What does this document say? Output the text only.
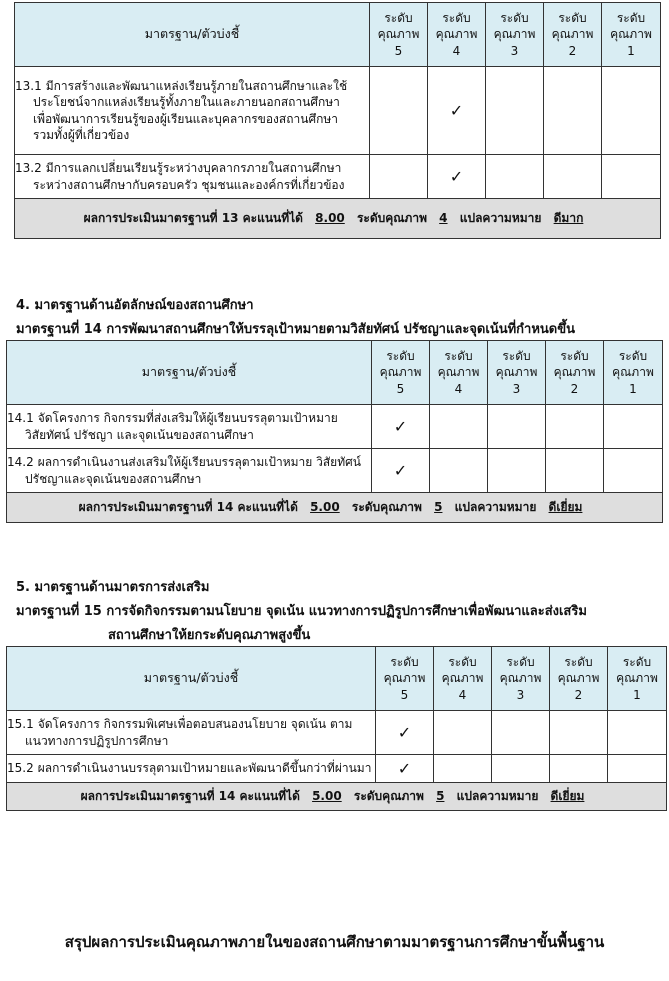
มาตรฐาน/ตัวบ่งชี้	ระดับ
คุณภาพ
5	ระดับ
คุณภาพ
4	ระดับ
คุณภาพ
3	ระดับ
คุณภาพ
2	ระดับ
คุณภาพ
1

13.1 มีการสร้างและพัฒนาแหล่งเรียนรู้ภายในสถานศึกษาและใช้
ประโยชน์จากแหล่งเรียนรู้ทั้งภายในและภายนอกสถานศึกษา
เพื่อพัฒนาการเรียนรู้ของผู้เรียนและบุคลากรของสถานศึกษา
รวมทั้งผู้ที่เกี่ยวข้อง		✓			

13.2 มีการแลกเปลี่ยนเรียนรู้ระหว่างบุคลากรภายในสถานศึกษา
ระหว่างสถานศึกษากับครอบครัว ชุมชนและองค์กรที่เกี่ยวข้อง		✓			
ผลการประเมินมาตรฐานที่ 13 คะแนนที่ได้ 8.00 ระดับคุณภาพ 4 แปลความหมาย ดีมาก					
4. มาตรฐานด้านอัตลักษณ์ของสถานศึกษา
มาตรฐานที่ 14 การพัฒนาสถานศึกษาให้บรรลุเป้าหมายตามวิสัยทัศน์ ปรัชญาและจุดเน้นที่กำหนดขึ้น
มาตรฐาน/ตัวบ่งชี้	ระดับ
คุณภาพ
5	ระดับ
คุณภาพ
4	ระดับ
คุณภาพ
3	ระดับ
คุณภาพ
2	ระดับ
คุณภาพ
1

14.1 จัดโครงการ กิจกรรมที่ส่งเสริมให้ผู้เรียนบรรลุตามเป้าหมาย
วิสัยทัศน์ ปรัชญา และจุดเน้นของสถานศึกษา	✓				

14.2 ผลการดำเนินงานส่งเสริมให้ผู้เรียนบรรลุตามเป้าหมาย วิสัยทัศน์
ปรัชญาและจุดเน้นของสถานศึกษา	✓				
ผลการประเมินมาตรฐานที่ 14 คะแนนที่ได้ 5.00 ระดับคุณภาพ 5 แปลความหมาย ดีเยี่ยม					
5. มาตรฐานด้านมาตรการส่งเสริม
มาตรฐานที่ 15 การจัดกิจกรรมตามนโยบาย จุดเน้น แนวทางการปฏิรูปการศึกษาเพื่อพัฒนาและส่งเสริม
สถานศึกษาให้ยกระดับคุณภาพสูงขึ้น
มาตรฐาน/ตัวบ่งชี้	ระดับ
คุณภาพ
5	ระดับ
คุณภาพ
4	ระดับ
คุณภาพ
3	ระดับ
คุณภาพ
2	ระดับ
คุณภาพ
1

15.1 จัดโครงการ กิจกรรมพิเศษเพื่อตอบสนองนโยบาย จุดเน้น ตาม
แนวทางการปฏิรูปการศึกษา	✓				

15.2 ผลการดำเนินงานบรรลุตามเป้าหมายและพัฒนาดีขึ้นกว่าที่ผ่านมา	✓				
ผลการประเมินมาตรฐานที่ 14 คะแนนที่ได้ 5.00 ระดับคุณภาพ 5 แปลความหมาย ดีเยี่ยม					
สรุปผลการประเมินคุณภาพภายในของสถานศึกษาตามมาตรฐานการศึกษาขั้นพื้นฐาน
